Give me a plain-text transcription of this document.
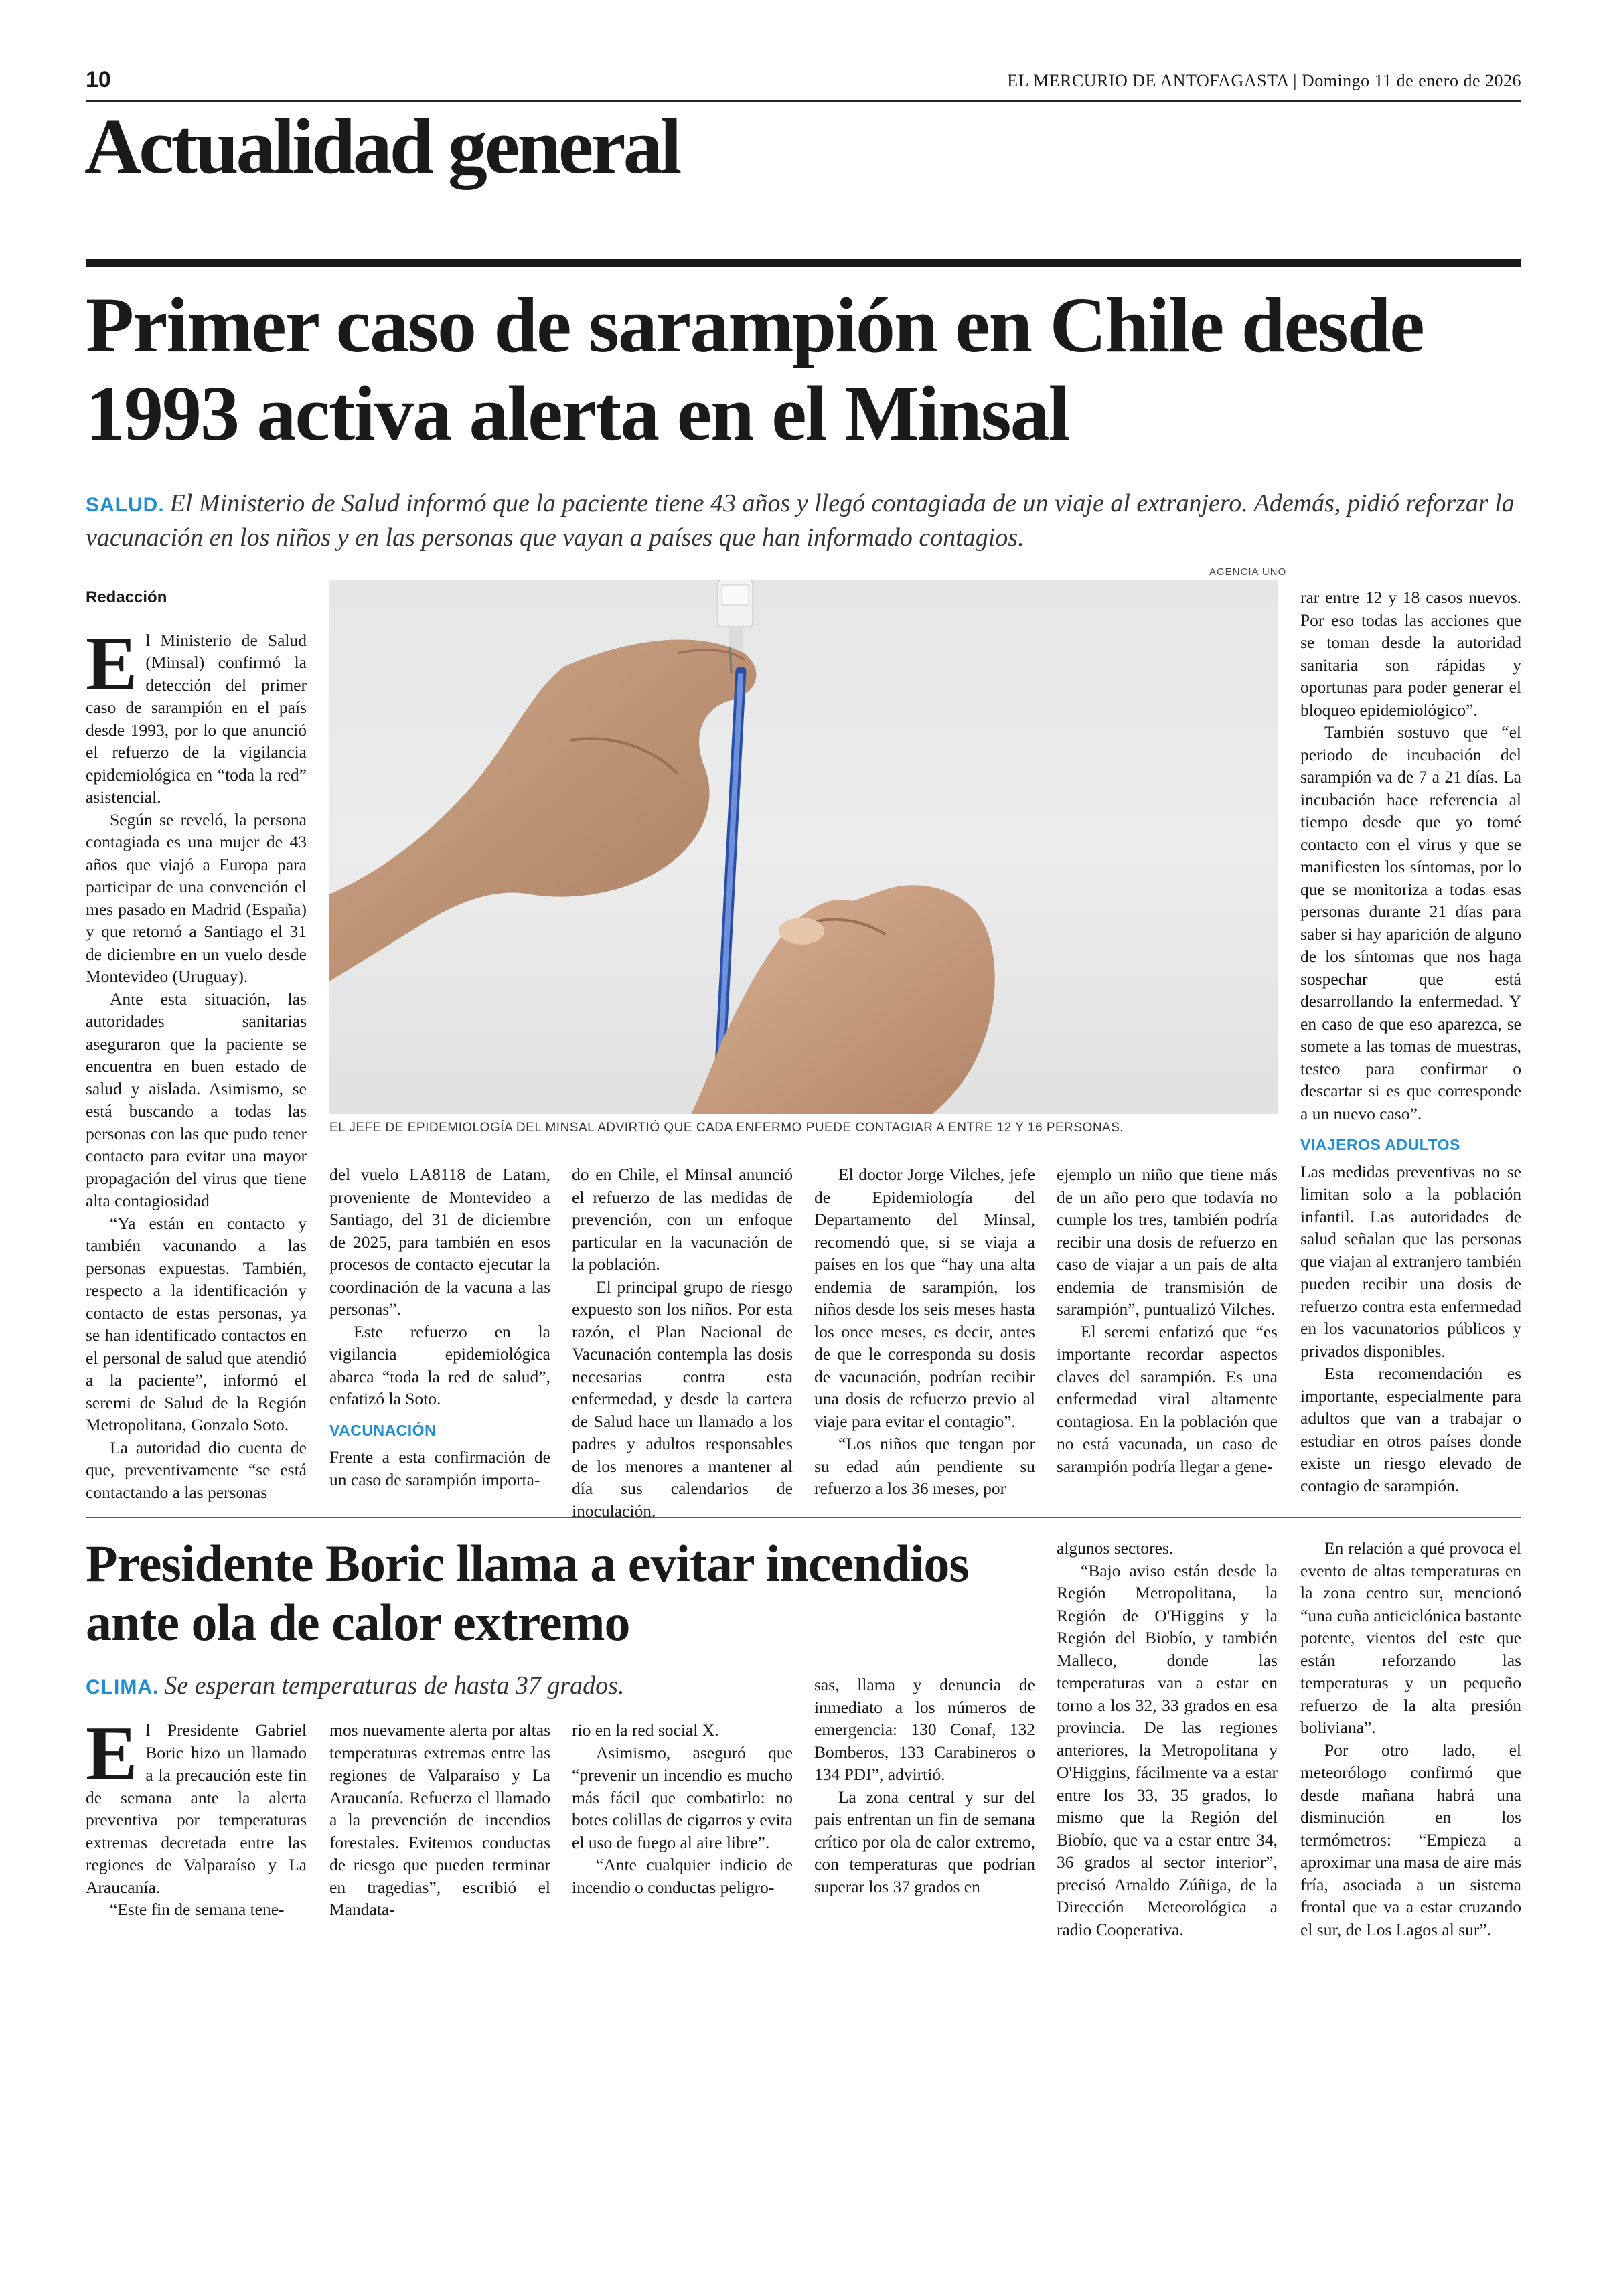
10	EL MERCURIO DE ANTOFAGASTA | Domingo 11 de enero de 2026
Actualidad general
Primer caso de sarampión en Chile desde 1993 activa alerta en el Minsal
SALUD. El Ministerio de Salud informó que la paciente tiene 43 años y llegó contagiada de un viaje al extranjero. Además, pidió reforzar la vacunación en los niños y en las personas que vayan a países que han informado contagios.
AGENCIA UNO
EL JEFE DE EPIDEMIOLOGÍA DEL MINSAL ADVIRTIÓ QUE CADA ENFERMO PUEDE CONTAGIAR A ENTRE 12 Y 16 PERSONAS.
Redacción

El Ministerio de Salud (Minsal) confirmó la detección del primer caso de sarampión en el país desde 1993, por lo que anunció el refuerzo de la vigilancia epidemiológica en “toda la red” asistencial.

Según se reveló, la persona contagiada es una mujer de 43 años que viajó a Europa para participar de una convención el mes pasado en Madrid (España) y que retornó a Santiago el 31 de diciembre en un vuelo desde Montevideo (Uruguay).

Ante esta situación, las autoridades sanitarias aseguraron que la paciente se encuentra en buen estado de salud y aislada. Asimismo, se está buscando a todas las personas con las que pudo tener contacto para evitar una mayor propagación del virus que tiene alta contagiosidad

“Ya están en contacto y también vacunando a las personas expuestas. También, respecto a la identificación y contacto de estas personas, ya se han identificado contactos en el personal de salud que atendió a la paciente”, informó el seremi de Salud de la Región Metropolitana, Gonzalo Soto.

La autoridad dio cuenta de que, preventivamente “se está contactando a las personas

del vuelo LA8118 de Latam, proveniente de Montevideo a Santiago, del 31 de diciembre de 2025, para también en esos procesos de contacto ejecutar la coordinación de la vacuna a las personas”.

Este refuerzo en la vigilancia epidemiológica abarca “toda la red de salud”, enfatizó la Soto.

VACUNACIÓN

Frente a esta confirmación de un caso de sarampión importa-

do en Chile, el Minsal anunció el refuerzo de las medidas de prevención, con un enfoque particular en la vacunación de la población.

El principal grupo de riesgo expuesto son los niños. Por esta razón, el Plan Nacional de Vacunación contempla las dosis necesarias contra esta enfermedad, y desde la cartera de Salud hace un llamado a los padres y adultos responsables de los menores a mantener al día sus calendarios de inoculación.

El doctor Jorge Vilches, jefe de Epidemiología del Departamento del Minsal, recomendó que, si se viaja a países en los que “hay una alta endemia de sarampión, los niños desde los seis meses hasta los once meses, es decir, antes de que le corresponda su dosis de vacunación, podrían recibir una dosis de refuerzo previo al viaje para evitar el contagio”.

“Los niños que tengan por su edad aún pendiente su refuerzo a los 36 meses, por

ejemplo un niño que tiene más de un año pero que todavía no cumple los tres, también podría recibir una dosis de refuerzo en caso de viajar a un país de alta endemia de transmisión de sarampión”, puntualizó Vilches.

El seremi enfatizó que “es importante recordar aspectos claves del sarampión. Es una enfermedad viral altamente contagiosa. En la población que no está vacunada, un caso de sarampión podría llegar a gene-

rar entre 12 y 18 casos nuevos. Por eso todas las acciones que se toman desde la autoridad sanitaria son rápidas y oportunas para poder generar el bloqueo epidemiológico”.

También sostuvo que “el periodo de incubación del sarampión va de 7 a 21 días. La incubación hace referencia al tiempo desde que yo tomé contacto con el virus y que se manifiesten los síntomas, por lo que se monitoriza a todas esas personas durante 21 días para saber si hay aparición de alguno de los síntomas que nos haga sospechar que está desarrollando la enfermedad. Y en caso de que eso aparezca, se somete a las tomas de muestras, testeo para confirmar o descartar si es que corresponde a un nuevo caso”.

VIAJEROS ADULTOS

Las medidas preventivas no se limitan solo a la población infantil. Las autoridades de salud señalan que las personas que viajan al extranjero también pueden recibir una dosis de refuerzo contra esta enfermedad en los vacunatorios públicos y privados disponibles.

Esta recomendación es importante, especialmente para adultos que van a trabajar o estudiar en otros países donde existe un riesgo elevado de contagio de sarampión.

Presidente Boric llama a evitar incendios ante ola de calor extremo
CLIMA. Se esperan temperaturas de hasta 37 grados.

El Presidente Gabriel Boric hizo un llamado a la precaución este fin de semana ante la alerta preventiva por temperaturas extremas decretada entre las regiones de Valparaíso y La Araucanía.

“Este fin de semana tene-

mos nuevamente alerta por altas temperaturas extremas entre las regiones de Valparaíso y La Araucanía. Refuerzo el llamado a la prevención de incendios forestales. Evitemos conductas de riesgo que pueden terminar en tragedias”, escribió el Mandata-

rio en la red social X.

Asimismo, aseguró que “prevenir un incendio es mucho más fácil que combatirlo: no botes colillas de cigarros y evita el uso de fuego al aire libre”.

“Ante cualquier indicio de incendio o conductas peligro-

sas, llama y denuncia de inmediato a los números de emergencia: 130 Conaf, 132 Bomberos, 133 Carabineros o 134 PDI”, advirtió.

La zona central y sur del país enfrentan un fin de semana crítico por ola de calor extremo, con temperaturas que podrían superar los 37 grados en

algunos sectores.

“Bajo aviso están desde la Región Metropolitana, la Región de O'Higgins y la Región del Biobío, y también Malleco, donde las temperaturas van a estar en torno a los 32, 33 grados en esa provincia. De las regiones anteriores, la Metropolitana y O'Higgins, fácilmente va a estar entre los 33, 35 grados, lo mismo que la Región del Biobío, que va a estar entre 34, 36 grados al sector interior”, precisó Arnaldo Zúñiga, de la Dirección Meteorológica a radio Cooperativa.

En relación a qué provoca el evento de altas temperaturas en la zona centro sur, mencionó “una cuña anticiclónica bastante potente, vientos del este que están reforzando las temperaturas y un pequeño refuerzo de la alta presión boliviana”.

Por otro lado, el meteorólogo confirmó que desde mañana habrá una disminución en los termómetros: “Empieza a aproximar una masa de aire más fría, asociada a un sistema frontal que va a estar cruzando el sur, de Los Lagos al sur”.
